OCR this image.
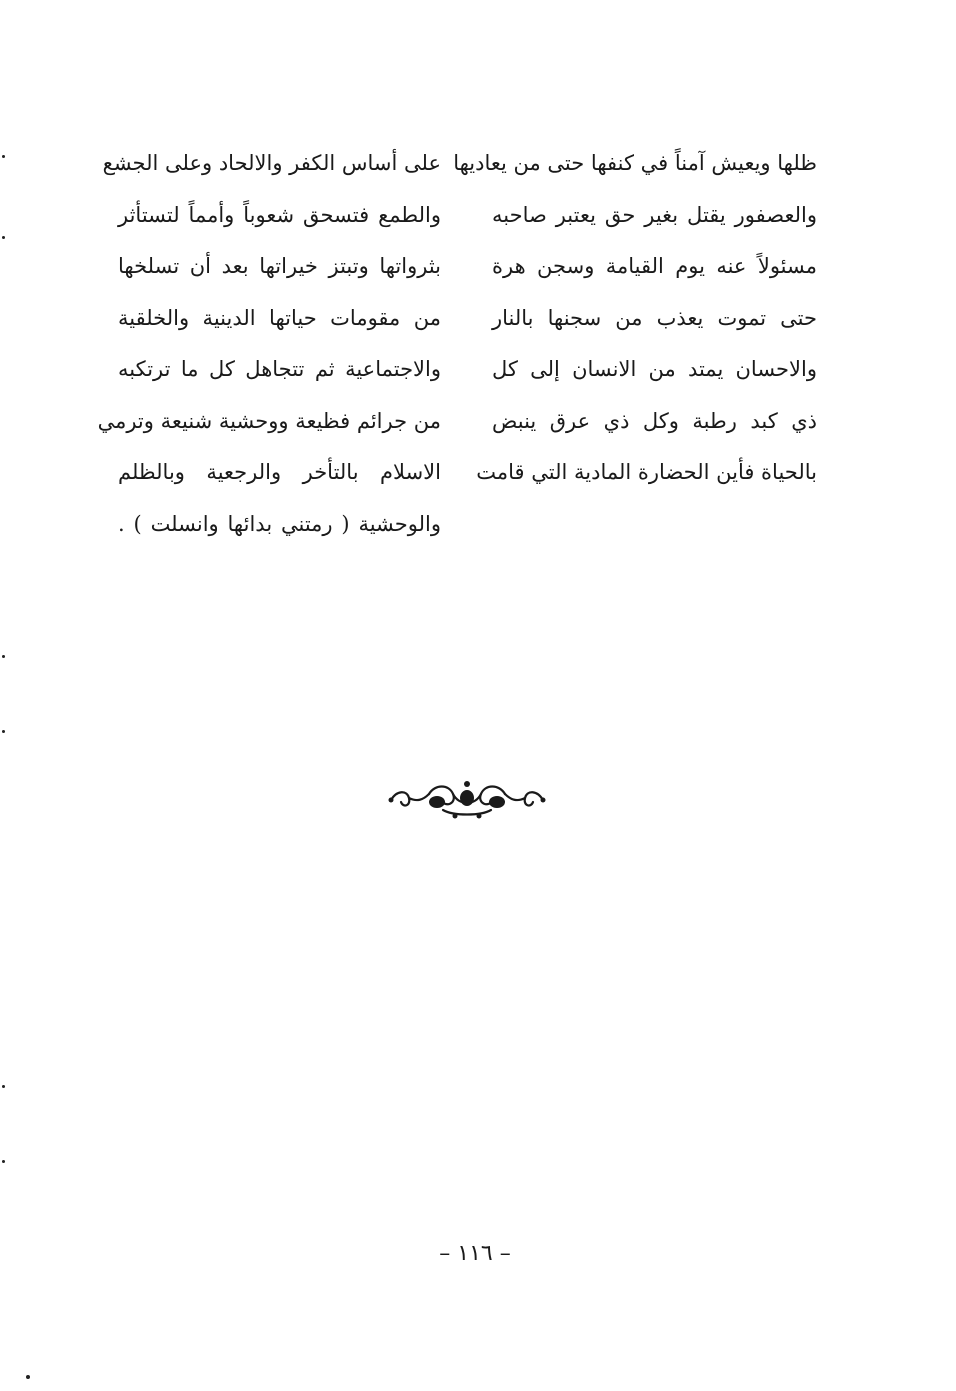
ظلها ويعيش آمناً في كنفها حتى من يعاديها
والعصفور يقتل بغير حق يعتبر صاحبه
مسئولاً عنه يوم القيامة وسجن هرة
حتى تموت يعذب من سجنها بالنار
والاحسان يمتد من الانسان إلى كل
ذي كبد رطبة وكل ذي عرق ينبض
بالحياة فأين الحضارة المادية التي قامت
على أساس الكفر والالحاد وعلى الجشع
والطمع فتسحق شعوباً وأمماً لتستأثر
بثرواتها وتبتز خيراتها بعد أن تسلخها
من مقومات حياتها الدينية والخلقية
والاجتماعية ثم تتجاهل كل ما ترتكبه
من جرائم فظيعة ووحشية شنيعة وترمي
الاسلام بالتأخر والرجعية وبالظلم
والوحشية ( رمتني بدائها وانسلت ) .
– ١١٦ –
